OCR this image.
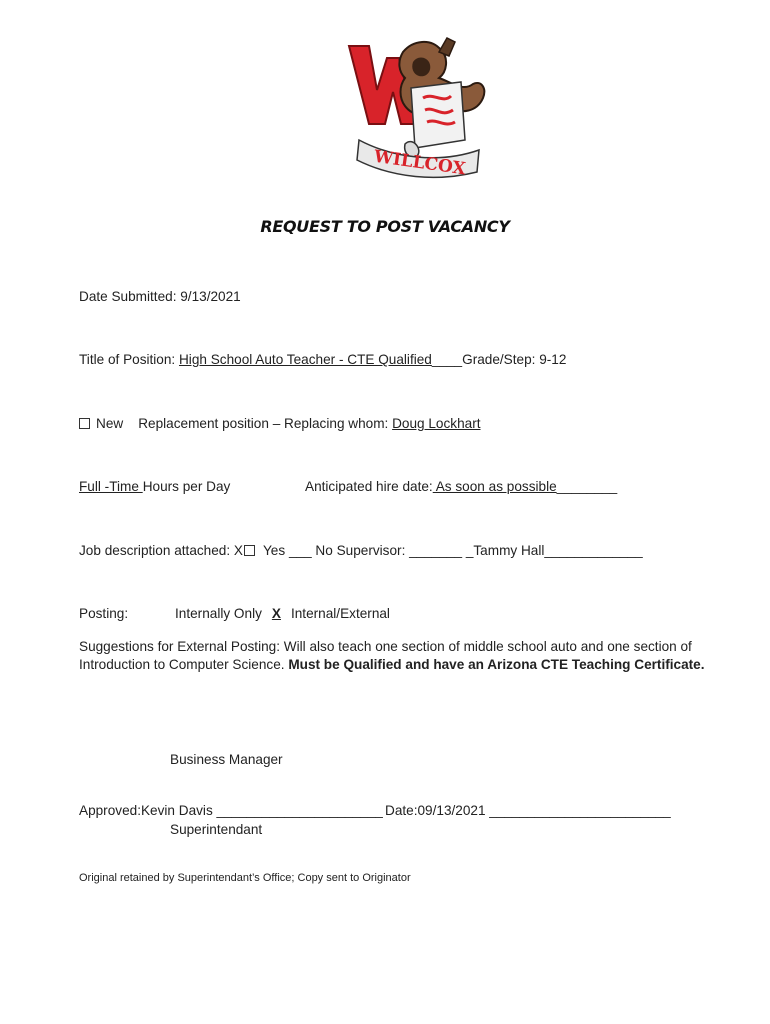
WILLCOX
REQUEST TO POST VACANCY
Date Submitted: 9/13/2021
Title of Position: High School Auto Teacher - CTE Qualified____Grade/Step: 9-12
New Replacement position – Replacing whom: Doug Lockhart
Full -Time Hours per Day	Anticipated hire date: As soon as possible________
Job description attached: X Yes ___ No Supervisor: _______ _Tammy Hall_____________
Posting:	Internally Only X Internal/External
Suggestions for External Posting: Will also teach one section of middle school auto and one section of Introduction to Computer Science. Must be Qualified and have an Arizona CTE Teaching Certificate.
Business Manager
Approved:Kevin Davis ______________________ Date:09/13/2021 ________________________
Superintendant
Original retained by Superintendant’s Office; Copy sent to Originator
